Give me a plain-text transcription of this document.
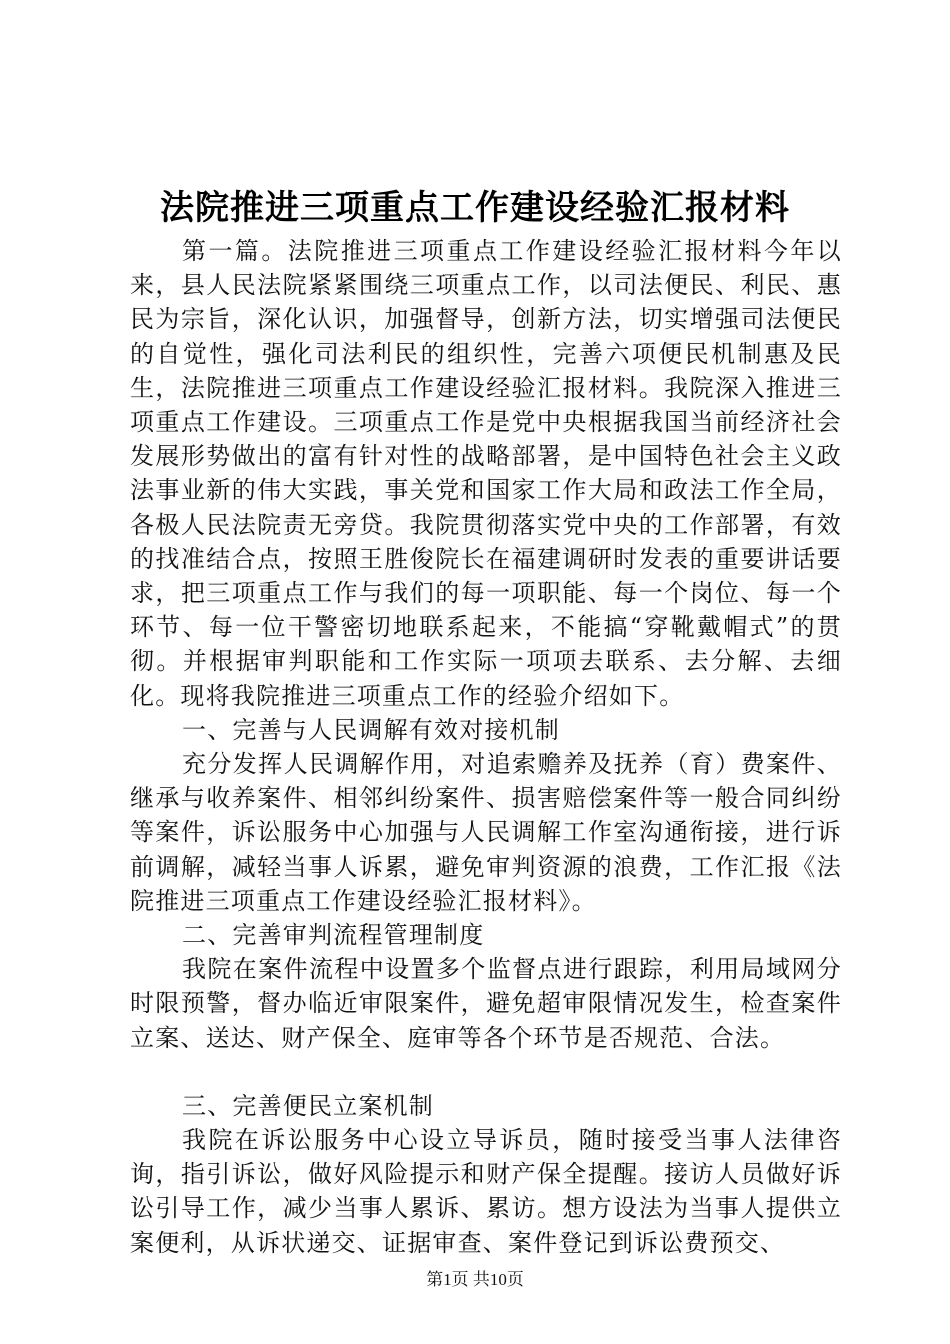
法院推进三项重点工作建设经验汇报材料

第一篇。法院推进三项重点工作建设经验汇报材料今年以来，县人民法院紧紧围绕三项重点工作，以司法便民、利民、惠民为宗旨，深化认识，加强督导，创新方法，切实增强司法便民的自觉性，强化司法利民的组织性，完善六项便民机制惠及民生，法院推进三项重点工作建设经验汇报材料。我院深入推进三项重点工作建设。三项重点工作是党中央根据我国当前经济社会发展形势做出的富有针对性的战略部署，是中国特色社会主义政法事业新的伟大实践，事关党和国家工作大局和政法工作全局，各极人民法院责无旁贷。我院贯彻落实党中央的工作部署，有效的找准结合点，按照王胜俊院长在福建调研时发表的重要讲话要求，把三项重点工作与我们的每一项职能、每一个岗位、每一个环节、每一位干警密切地联系起来，不能搞“穿靴戴帽式”的贯彻。并根据审判职能和工作实际一项项去联系、去分解、去细化。现将我院推进三项重点工作的经验介绍如下。

一、完善与人民调解有效对接机制

充分发挥人民调解作用，对追索赡养及抚养（育）费案件、继承与收养案件、相邻纠纷案件、损害赔偿案件等一般合同纠纷等案件，诉讼服务中心加强与人民调解工作室沟通衔接，进行诉前调解，减轻当事人诉累，避免审判资源的浪费，工作汇报《法院推进三项重点工作建设经验汇报材料》。

二、完善审判流程管理制度

我院在案件流程中设置多个监督点进行跟踪，利用局域网分时限预警，督办临近审限案件，避免超审限情况发生，检查案件立案、送达、财产保全、庭审等各个环节是否规范、合法。

三、完善便民立案机制

我院在诉讼服务中心设立导诉员，随时接受当事人法律咨询，指引诉讼，做好风险提示和财产保全提醒。接访人员做好诉讼引导工作，减少当事人累诉、累访。想方设法为当事人提供立案便利，从诉状递交、证据审查、案件登记到诉讼费预交、

第1页 共10页
